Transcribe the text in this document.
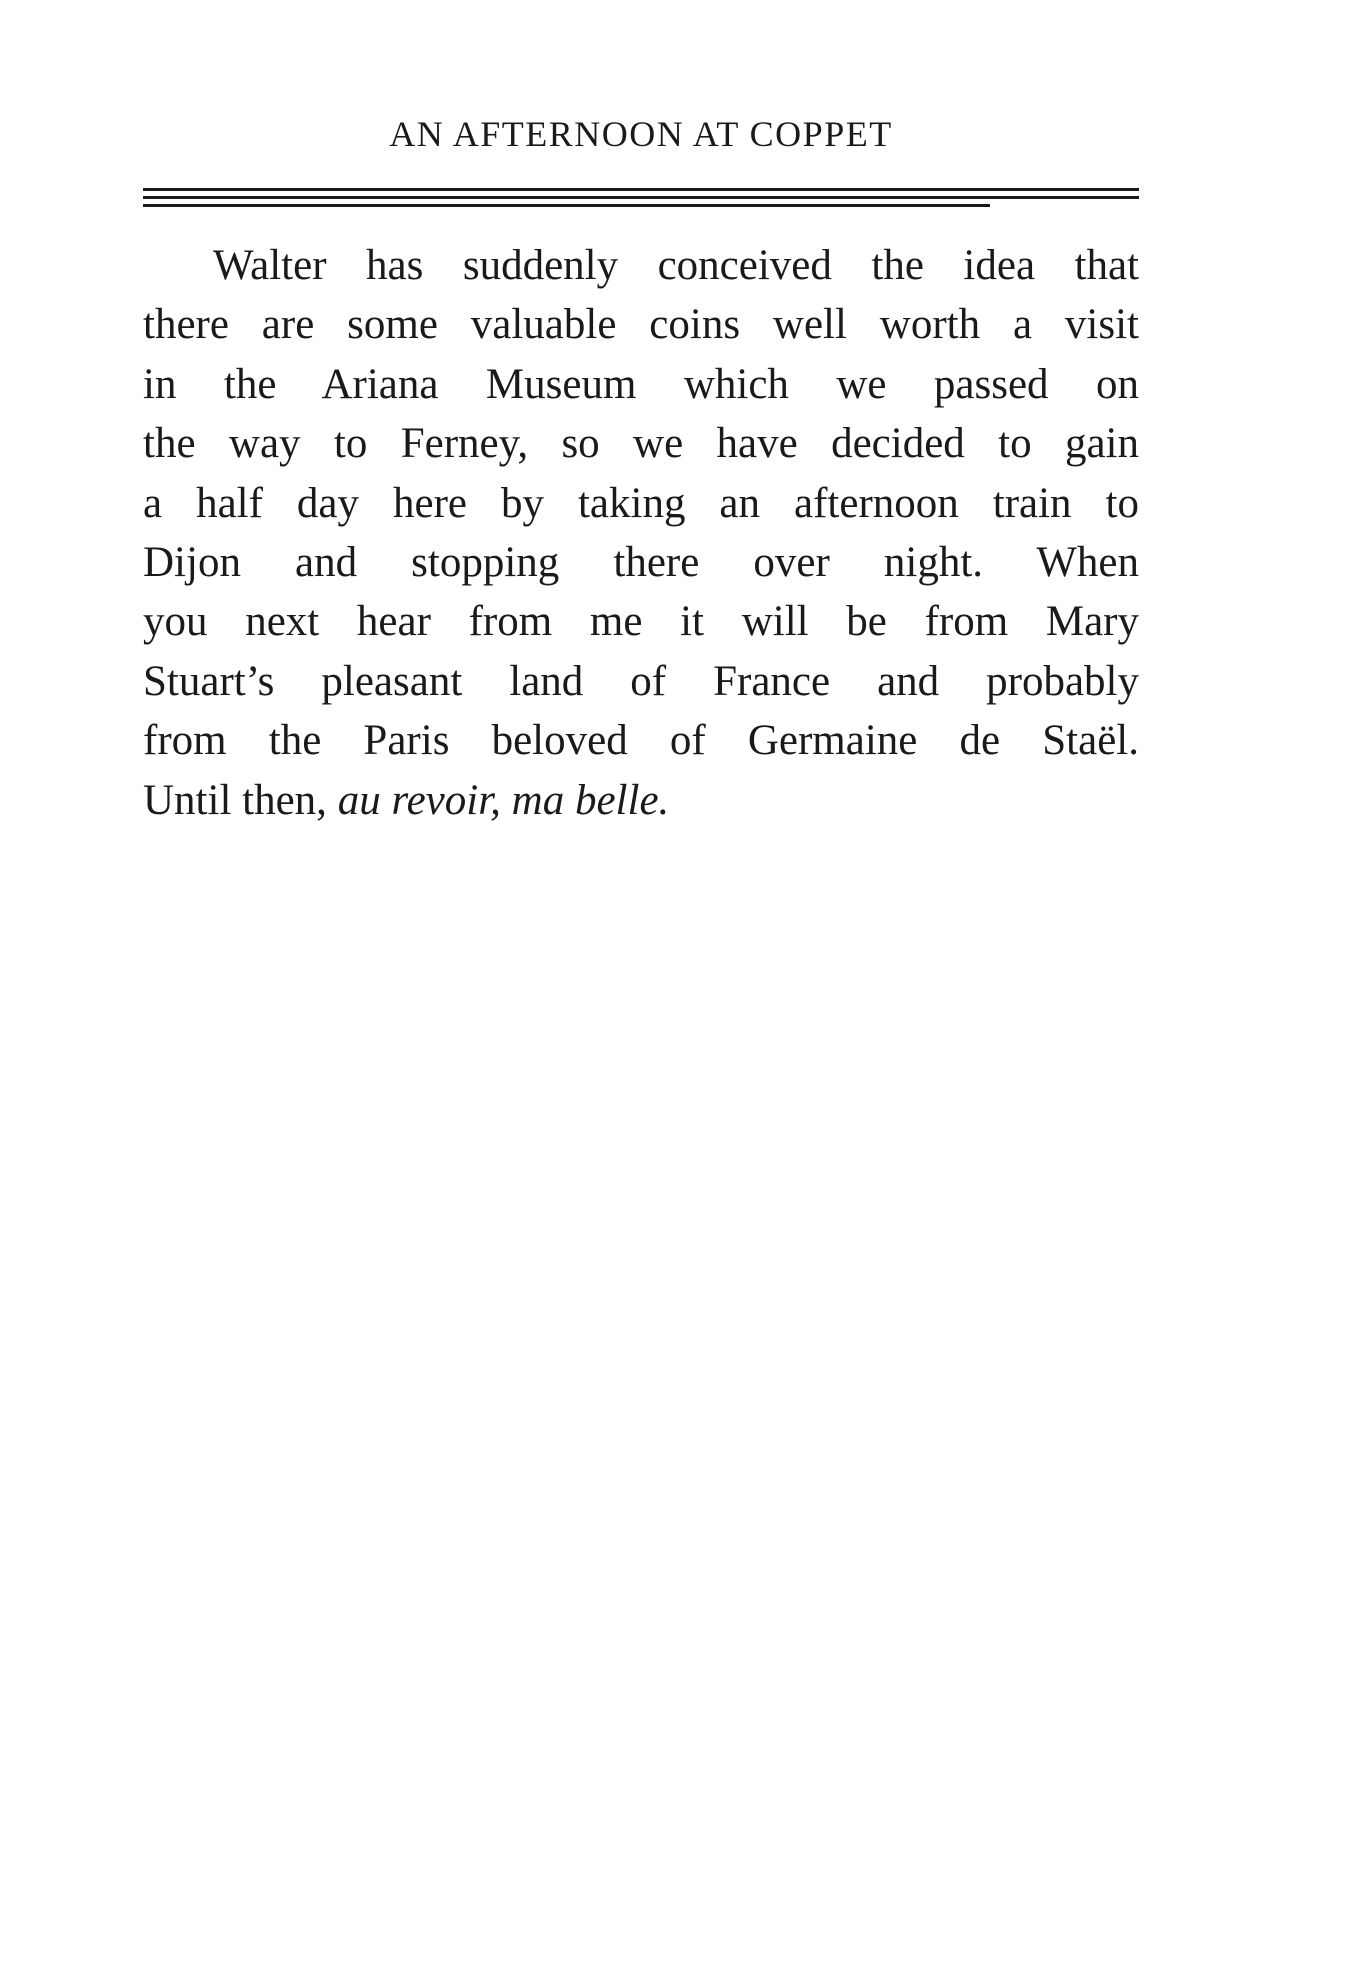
AN AFTERNOON AT COPPET
Walter has suddenly conceived the idea that
there are some valuable coins well worth a visit
in the Ariana Museum which we passed on
the way to Ferney, so we have decided to gain
a half day here by taking an afternoon train to
Dijon and stopping there over night. When
you next hear from me it will be from Mary
Stuart’s pleasant land of France and probably
from the Paris beloved of Germaine de Staël.
Until then, au revoir, ma belle.
